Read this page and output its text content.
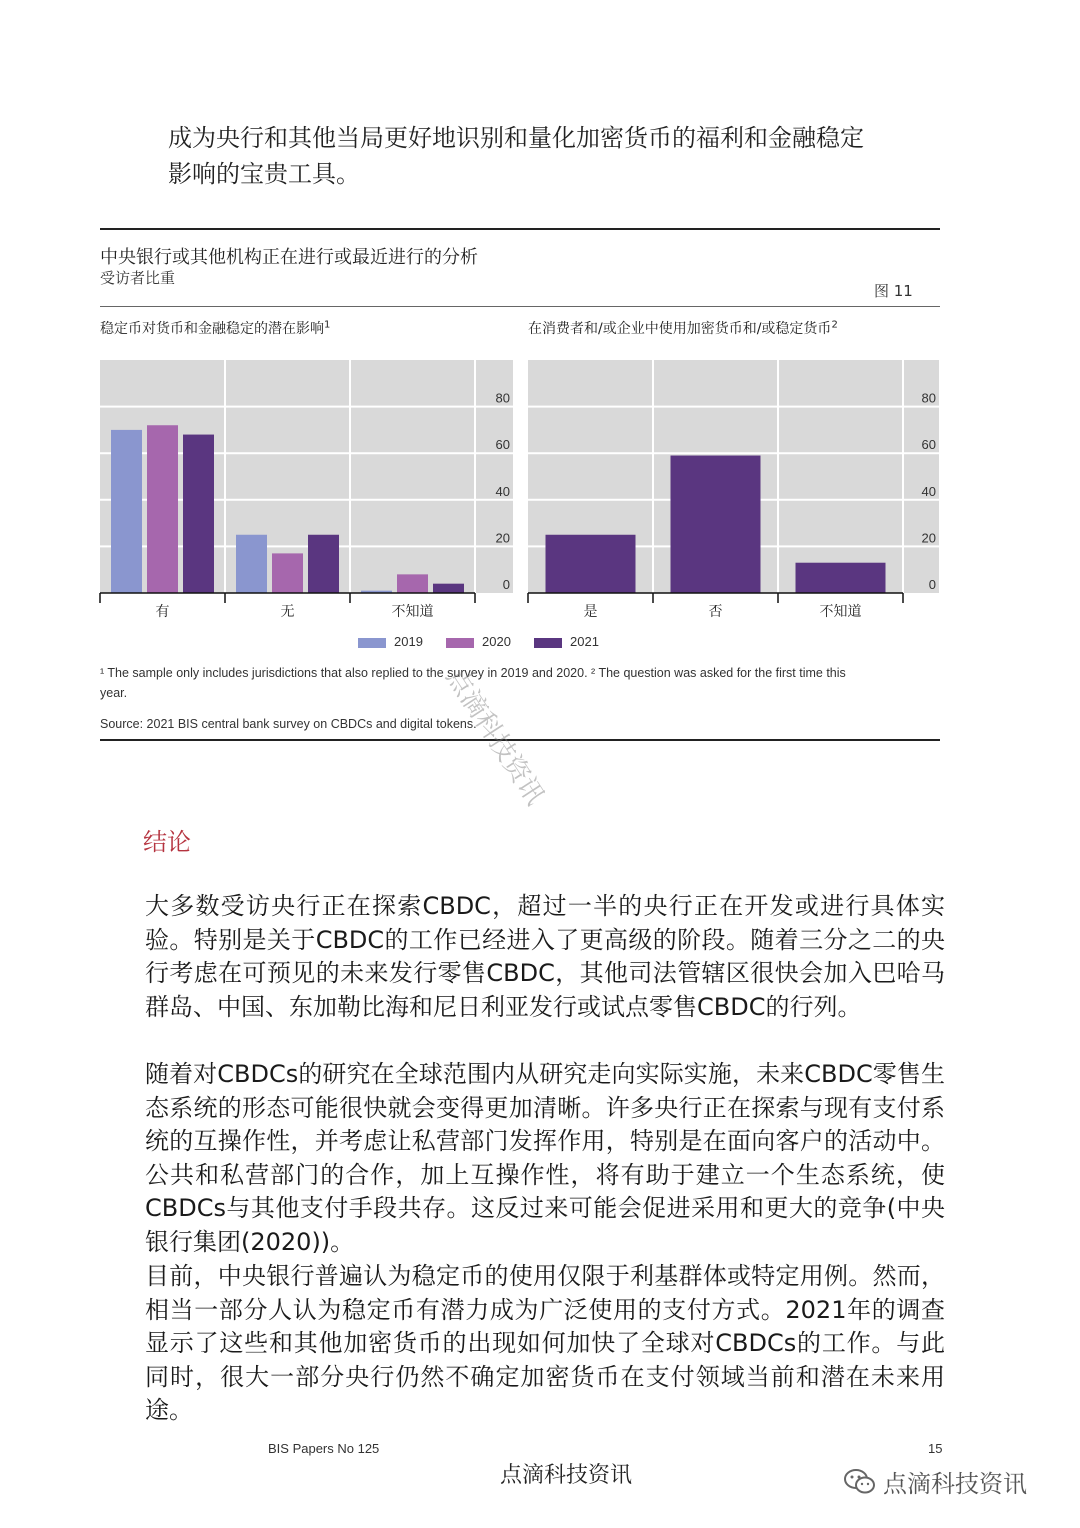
成为央行和其他当局更好地识别和量化加密货币的福利和金融稳定影响的宝贵工具。

中央银行或其他机构正在进行或最近进行的分析
受访者比重
图 11
稳定币对货币和金融稳定的潜在影响$^1$	在消费者和/或企业中使用加密货币和/或稳定货币$^2$
0
20
40
60
80
有	无	不知道
0
20
40
60
80
是	否	不知道
2019	2020	2021
¹ The sample only includes jurisdictions that also replied to the survey in 2019 and 2020. ² The question was asked for the first time this
year.
Source: 2021 BIS central bank survey on CBDCs and digital tokens.
点滴科技资讯
结论

大多数受访央行正在探索CBDC，超过一半的央行正在开发或进行具体实验。特别是关于CBDC的工作已经进入了更高级的阶段。随着三分之二的央行考虑在可预见的未来发行零售CBDC，其他司法管辖区很快会加入巴哈马群岛、中国、东加勒比海和尼日利亚发行或试点零售CBDC的行列。

随着对CBDCs的研究在全球范围内从研究走向实际实施，未来CBDC零售生态系统的形态可能很快就会变得更加清晰。许多央行正在探索与现有支付系统的互操作性，并考虑让私营部门发挥作用，特别是在面向客户的活动中。公共和私营部门的合作，加上互操作性，将有助于建立一个生态系统，使CBDCs与其他支付手段共存。这反过来可能会促进采用和更大的竞争(中央银行集团(2020))。

目前，中央银行普遍认为稳定币的使用仅限于利基群体或特定用例。然而，相当一部分人认为稳定币有潜力成为广泛使用的支付方式。2021年的调查显示了这些和其他加密货币的出现如何加快了全球对CBDCs的工作。与此同时，很大一部分央行仍然不确定加密货币在支付领域当前和潜在未来用途。

BIS Papers No 125	15
点滴科技资讯	点滴科技资讯
